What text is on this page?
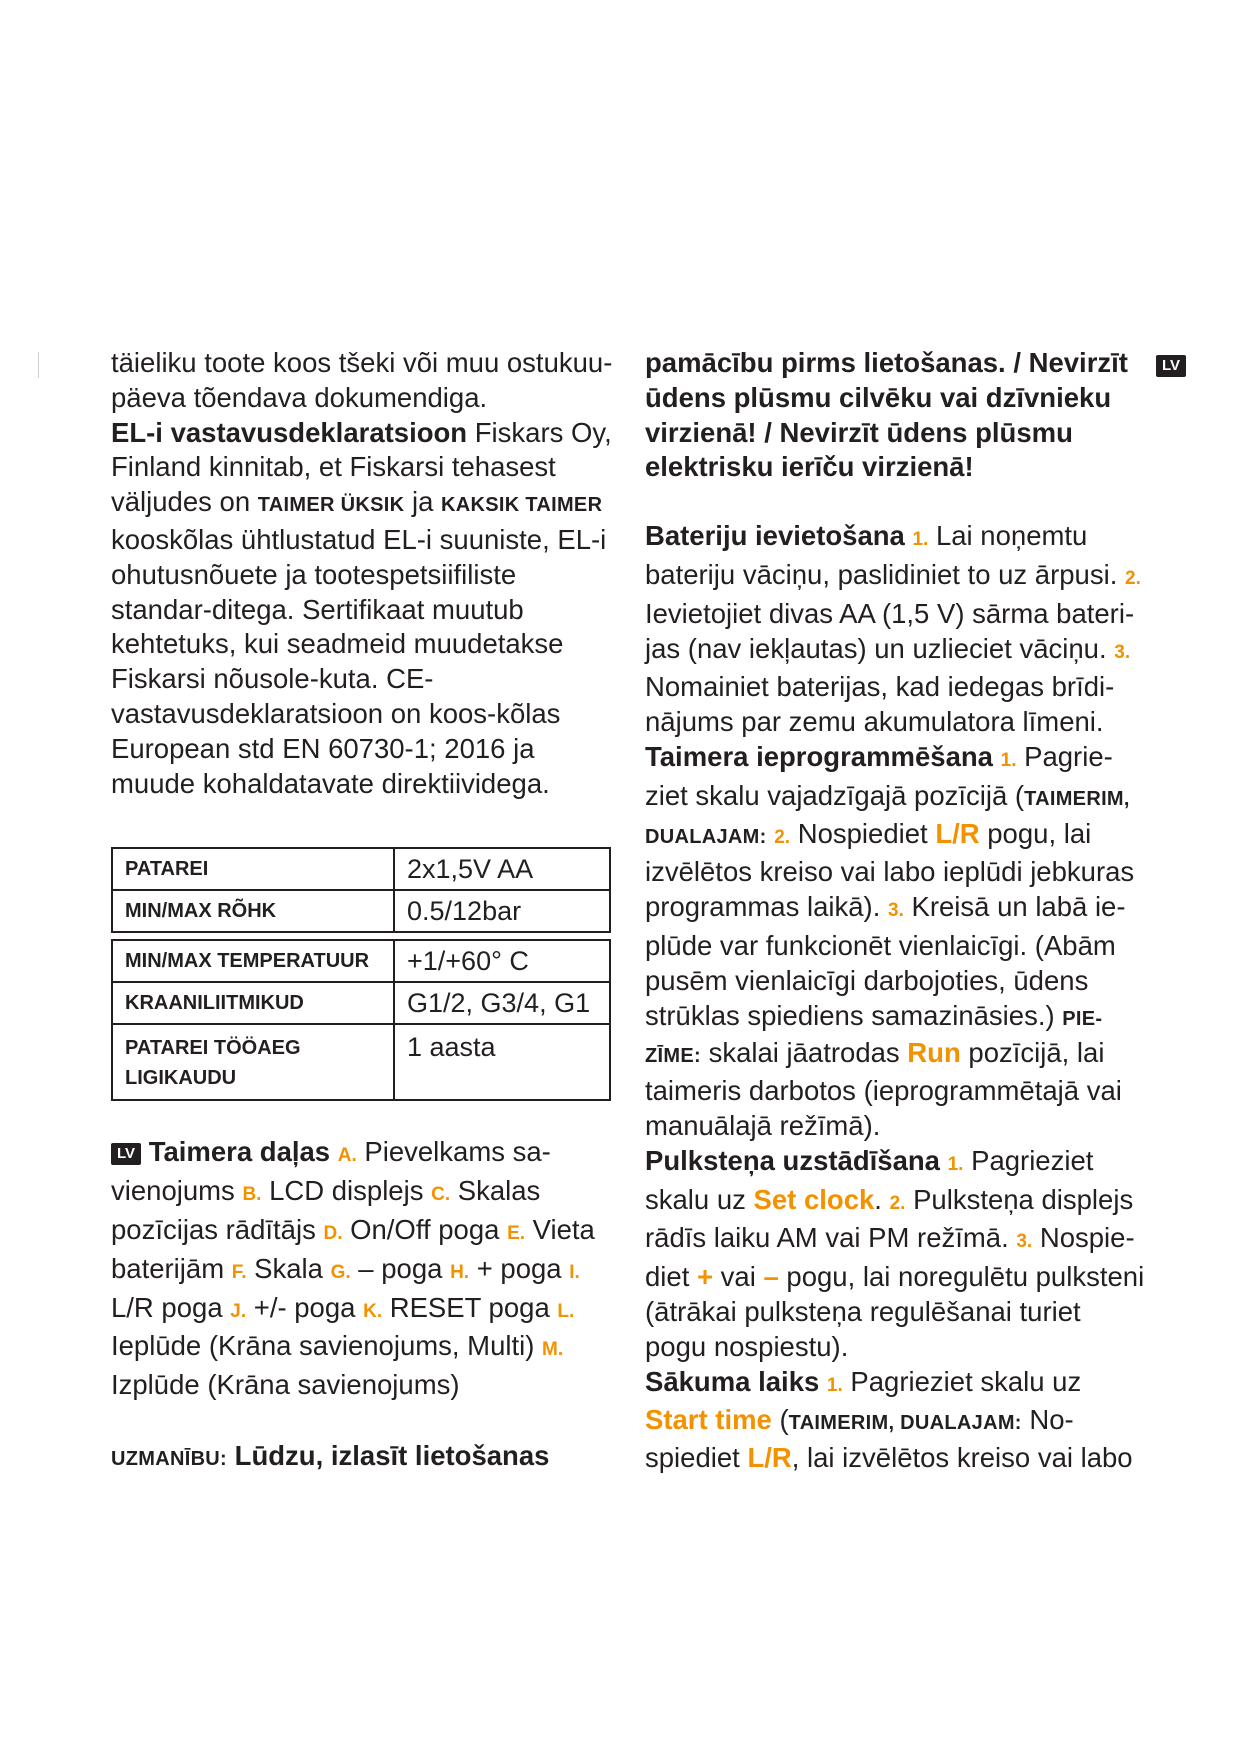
täieliku toote koos tšeki või muu ostukuu-päeva tõendava dokumendiga.

EL-i vastavusdeklaratsioon Fiskars Oy, Finland kinnitab, et Fiskarsi tehasest väljudes on TAIMER ÜKSIK ja KAKSIK TAIMER kooskõlas ühtlustatud EL-i suuniste, EL-i ohutusnõuete ja tootespetsiifiliste standar-ditega. Sertifikaat muutub kehtetuks, kui seadmeid muudetakse Fiskarsi nõusole-kuta. CE-vastavusdeklaratsioon on koos-kõlas European std EN 60730-1; 2016 ja muude kohaldatavate direktiividega.

PATAREI	2x1,5V AA
MIN/MAX RÕHK	0.5/12bar

MIN/MAX TEMPERATUUR	+1/+60° C
KRAANILIITMIKUD	G1/2, G3/4, G1
PATAREI TÖÖAEG LIGIKAUDU	1 aasta

LV Taimera daļas A. Pievelkams sa-vienojums B. LCD displejs C. Skalas pozīcijas rādītājs D. On/Off poga E. Vieta baterijām F. Skala G. – poga H. + poga I. L/R poga J. +/- poga K. RESET poga L. Ieplūde (Krāna savienojums, Multi) M. Izplūde (Krāna savienojums)

UZMANĪBU: Lūdzu, izlasīt lietošanas

LV

pamācību pirms lietošanas. / Nevirzīt ūdens plūsmu cilvēku vai dzīvnieku virzienā! / Nevirzīt ūdens plūsmu elektrisku ierīču virzienā!

Bateriju ievietošana 1. Lai noņemtu bateriju vāciņu, paslidiniet to uz ārpusi. 2. Ievietojiet divas AA (1,5 V) sārma bateri-jas (nav iekļautas) un uzlieciet vāciņu. 3. Nomainiet baterijas, kad iedegas brīdi-nājums par zemu akumulatora līmeni.

Taimera ieprogrammēšana 1. Pagrie-ziet skalu vajadzīgajā pozīcijā (TAIMERIM, DUALAJAM: 2. Nospiediet L/R pogu, lai izvēlētos kreiso vai labo ieplūdi jebkuras programmas laikā). 3. Kreisā un labā ie-plūde var funkcionēt vienlaicīgi. (Abām pusēm vienlaicīgi darbojoties, ūdens strūklas spiediens samazināsies.) PIE-ZĪME: skalai jāatrodas Run pozīcijā, lai taimeris darbotos (ieprogrammētajā vai manuālajā režīmā).

Pulksteņa uzstādīšana 1. Pagrieziet skalu uz Set clock. 2. Pulksteņa displejs rādīs laiku AM vai PM režīmā. 3. Nospie-diet + vai – pogu, lai noregulētu pulksteni (ātrākai pulksteņa regulēšanai turiet pogu nospiestu).

Sākuma laiks 1. Pagrieziet skalu uz Start time (TAIMERIM, DUALAJAM: No-spiediet L/R, lai izvēlētos kreiso vai labo
